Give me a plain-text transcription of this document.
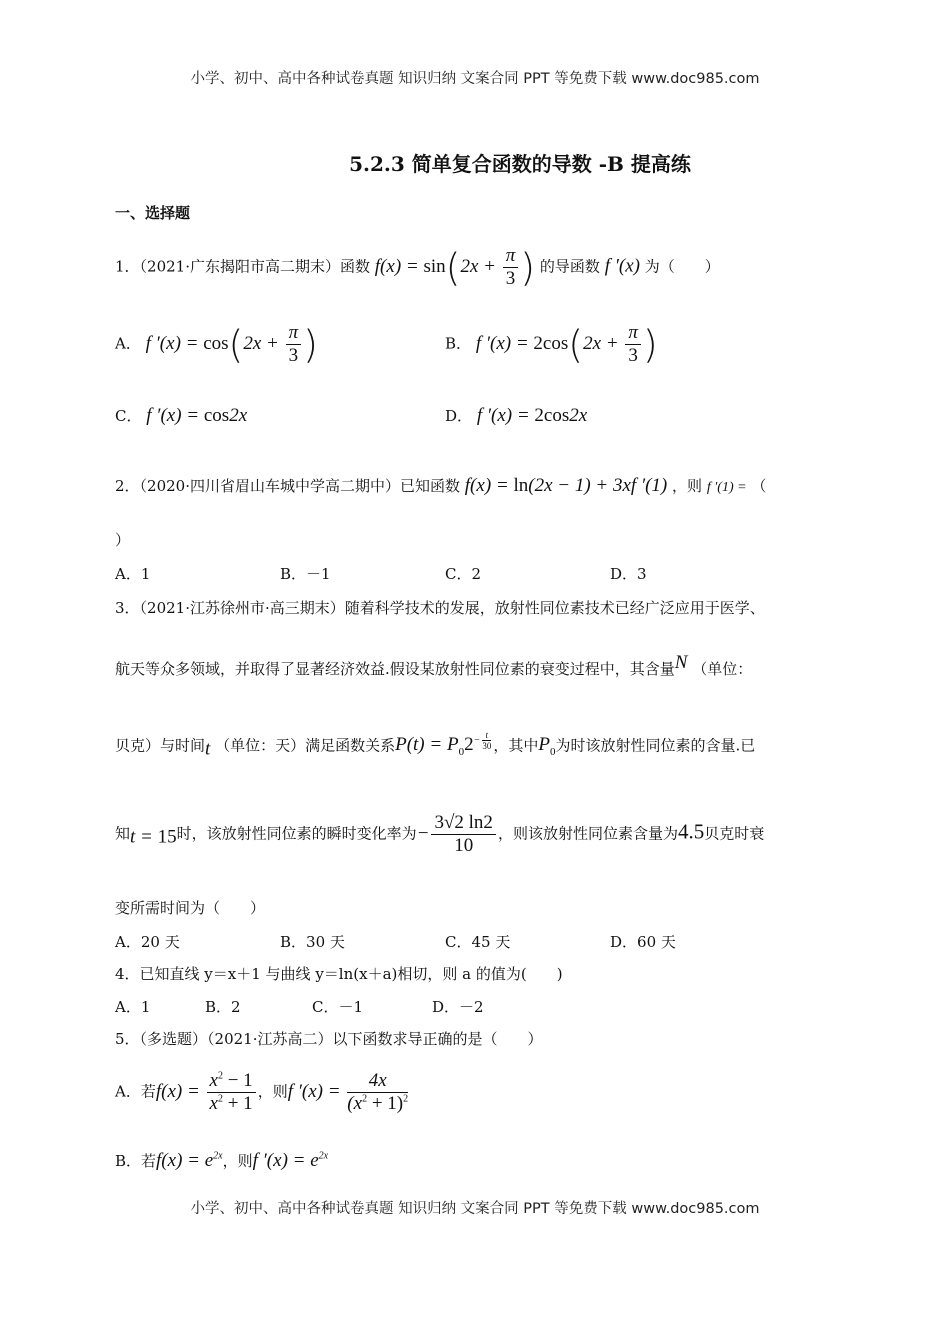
小学、初中、高中各种试卷真题 知识归纳 文案合同 PPT 等免费下载 www.doc985.com
5.2.3 简单复合函数的导数 -B 提高练
一、选择题
1．（2021·广东揭阳市高二期末）函数 $f(x) = \sin(2x + \frac{\pi}{3}$ ) 的导函数 f ′(x) 为（　　）
A． f $'(x) = \cos(2x + \frac{\pi}{3}$ )	B． f $'(x) = 2\cos(2x + \frac{\pi}{3}$ )
C． f ′(x) = cos2x	D． f ′(x) = 2cos2x
2．（2020·四川省眉山车城中学高二期中）已知函数 f(x) = ln(2x − 1) + 3xf ′(1) ，则 f ′(1) = （
）
A．1	B．－1	C．2	D．3
3．（2021·江苏徐州市·高三期末）随着科学技术的发展，放射性同位素技术已经广泛应用于医学、
航天等众多领域，并取得了显著经济效益.假设某放射性同位素的衰变过程中，其含量N （单位：
贝克）与时间t （单位：天）满足函数关系$P(t) = P_02^{- \frac{t}{30}}$ ，其中$P_0$为时该放射性同位素的含量.已
知t = 15时，该放射性同位素的瞬时变化率为− $\frac{3√2 \ln 2}{10}$ ，则该放射性同位素含量为4.5贝克时衰
变所需时间为（　　）
A．20 天	B．30 天	C．45 天	D．60 天
4．已知直线 y＝x＋1 与曲线 y＝ln(x＋a)相切，则 a 的值为(　　)
A．1	B．2	C．－1	D．－2
5．（多选题）（2021·江苏高二）以下函数求导正确的是（　　）
A．若$f(x) = \frac{x^2 - 1}{x^2 + 1}$ ，则f $'(x) = \frac{4x}{(x^2 + 1)^2}$
B．若$f(x) = e^{2x}$，则f $'(x) = e^{2x}$
小学、初中、高中各种试卷真题 知识归纳 文案合同 PPT 等免费下载 www.doc985.com
